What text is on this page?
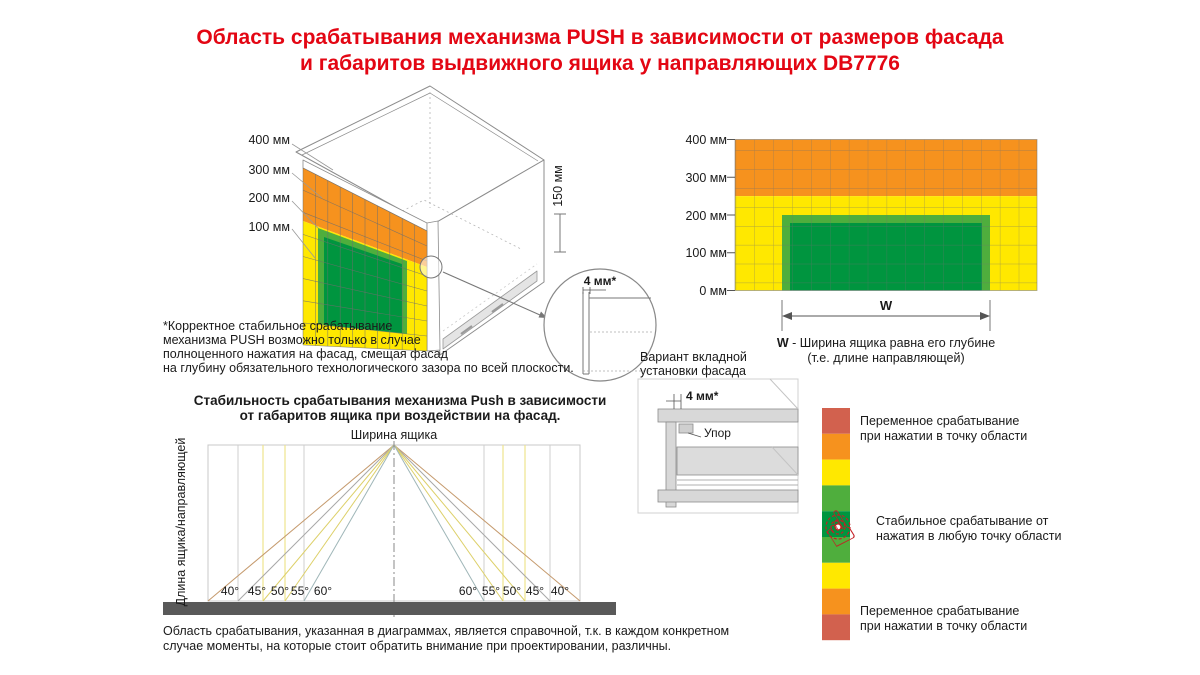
Область срабатывания механизма PUSH в зависимости от размеров фасада
и габаритов выдвижного ящика у направляющих DB7776
400 мм
300 мм
200 мм
100 мм
150 мм
4 мм*
*Корректное стабильное срабатывание
механизма PUSH возможно только в случае
полноценного нажатия на фасад, смещая фасад
на глубину обязательного технологического зазора по всей плоскости.
400 мм
300 мм
200 мм
100 мм
0 мм
W
W - Ширина ящика равна его глубине
(т.е. длине направляющей)
Вариант вкладной
установки фасада
4 мм*
Упор
Стабильность срабатывания механизма Push в зависимости
от габаритов ящика при воздействии на фасад.
Ширина ящика
Длина ящика/направляющей	40° 45° 50° 55° 60°	60° 55° 50° 45° 40°
Область срабатывания, указанная в диаграммах, является справочной, т.к. в каждом конкретном
случае моменты, на которые стоит обратить внимание при проектировании, различны.
Переменное срабатывание
при нажатии в точку области
Стабильное срабатывание от
нажатия в любую точку области
Переменное срабатывание
при нажатии в точку области
☝
